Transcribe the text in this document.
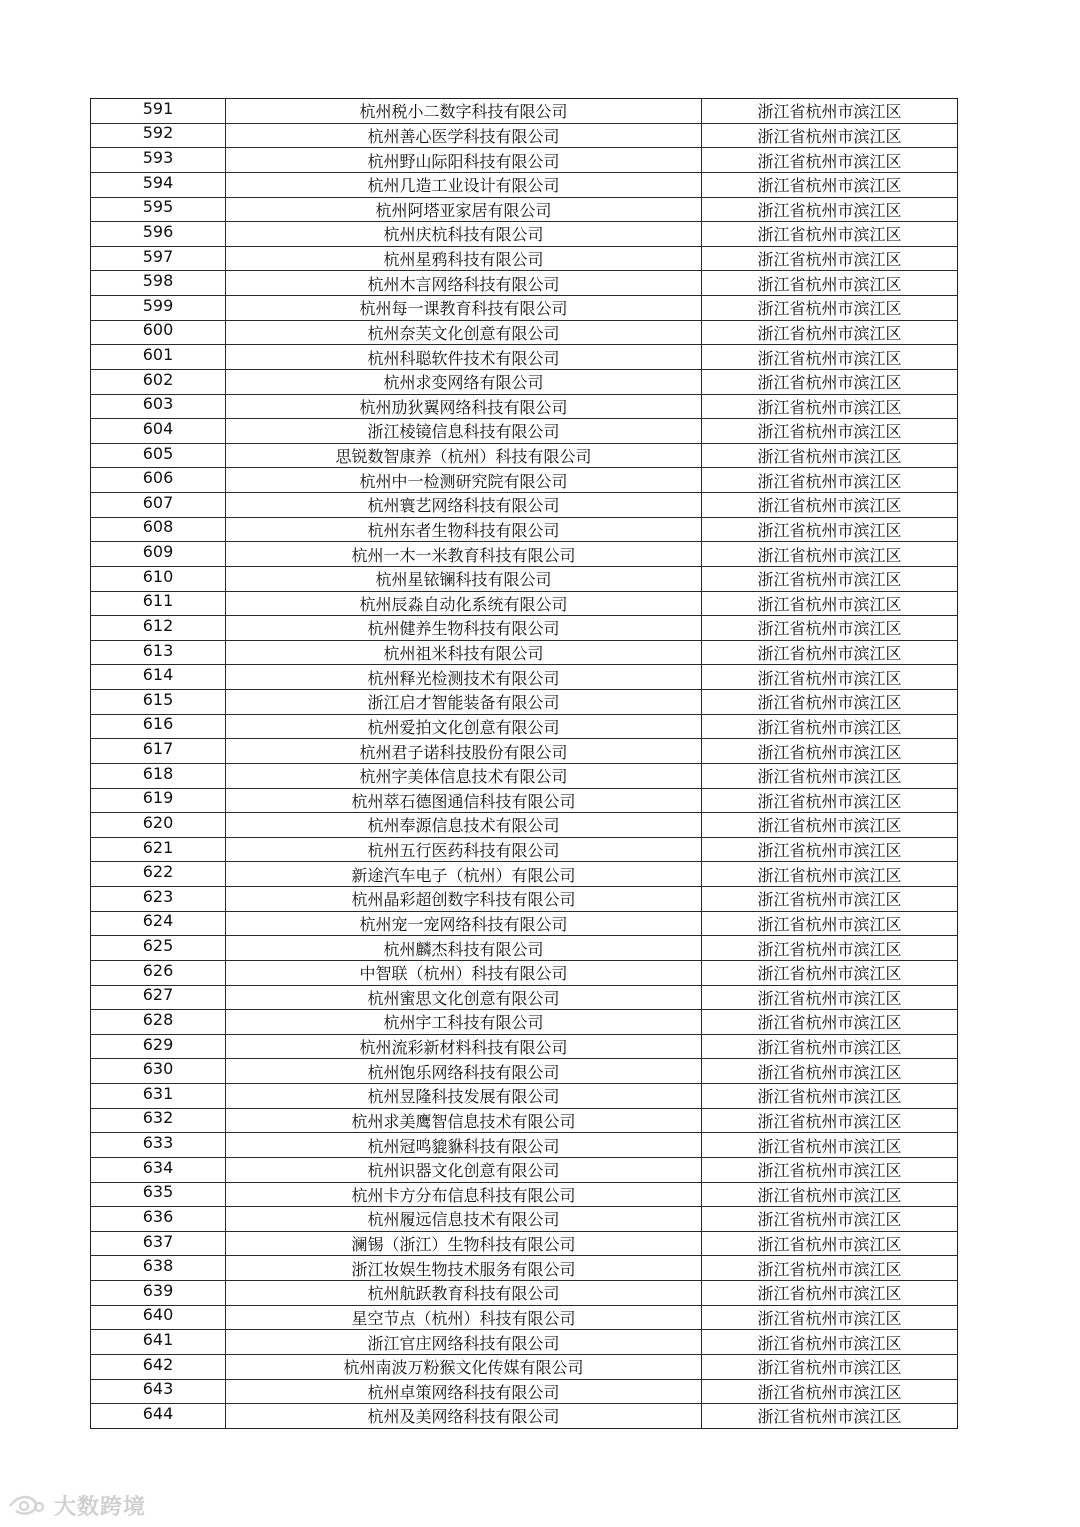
591	杭州税小二数字科技有限公司	浙江省杭州市滨江区
592	杭州善心医学科技有限公司	浙江省杭州市滨江区
593	杭州野山际阳科技有限公司	浙江省杭州市滨江区
594	杭州几造工业设计有限公司	浙江省杭州市滨江区
595	杭州阿塔亚家居有限公司	浙江省杭州市滨江区
596	杭州庆杭科技有限公司	浙江省杭州市滨江区
597	杭州星鸦科技有限公司	浙江省杭州市滨江区
598	杭州木言网络科技有限公司	浙江省杭州市滨江区
599	杭州每一课教育科技有限公司	浙江省杭州市滨江区
600	杭州奈芙文化创意有限公司	浙江省杭州市滨江区
601	杭州科聪软件技术有限公司	浙江省杭州市滨江区
602	杭州求变网络有限公司	浙江省杭州市滨江区
603	杭州劢狄翼网络科技有限公司	浙江省杭州市滨江区
604	浙江棱镜信息科技有限公司	浙江省杭州市滨江区
605	思锐数智康养（杭州）科技有限公司	浙江省杭州市滨江区
606	杭州中一检测研究院有限公司	浙江省杭州市滨江区
607	杭州寰艺网络科技有限公司	浙江省杭州市滨江区
608	杭州东者生物科技有限公司	浙江省杭州市滨江区
609	杭州一木一米教育科技有限公司	浙江省杭州市滨江区
610	杭州星铱镧科技有限公司	浙江省杭州市滨江区
611	杭州辰淼自动化系统有限公司	浙江省杭州市滨江区
612	杭州健养生物科技有限公司	浙江省杭州市滨江区
613	杭州祖米科技有限公司	浙江省杭州市滨江区
614	杭州释光检测技术有限公司	浙江省杭州市滨江区
615	浙江启才智能装备有限公司	浙江省杭州市滨江区
616	杭州爱拍文化创意有限公司	浙江省杭州市滨江区
617	杭州君子诺科技股份有限公司	浙江省杭州市滨江区
618	杭州字美体信息技术有限公司	浙江省杭州市滨江区
619	杭州萃石德图通信科技有限公司	浙江省杭州市滨江区
620	杭州奉源信息技术有限公司	浙江省杭州市滨江区
621	杭州五行医药科技有限公司	浙江省杭州市滨江区
622	新途汽车电子（杭州）有限公司	浙江省杭州市滨江区
623	杭州晶彩超创数字科技有限公司	浙江省杭州市滨江区
624	杭州宠一宠网络科技有限公司	浙江省杭州市滨江区
625	杭州麟杰科技有限公司	浙江省杭州市滨江区
626	中智联（杭州）科技有限公司	浙江省杭州市滨江区
627	杭州蜜思文化创意有限公司	浙江省杭州市滨江区
628	杭州宇工科技有限公司	浙江省杭州市滨江区
629	杭州流彩新材料科技有限公司	浙江省杭州市滨江区
630	杭州饱乐网络科技有限公司	浙江省杭州市滨江区
631	杭州昱隆科技发展有限公司	浙江省杭州市滨江区
632	杭州求美鹰智信息技术有限公司	浙江省杭州市滨江区
633	杭州冠鸣貔貅科技有限公司	浙江省杭州市滨江区
634	杭州识器文化创意有限公司	浙江省杭州市滨江区
635	杭州卡方分布信息科技有限公司	浙江省杭州市滨江区
636	杭州履远信息技术有限公司	浙江省杭州市滨江区
637	澜锡（浙江）生物科技有限公司	浙江省杭州市滨江区
638	浙江妆娱生物技术服务有限公司	浙江省杭州市滨江区
639	杭州航跃教育科技有限公司	浙江省杭州市滨江区
640	星空节点（杭州）科技有限公司	浙江省杭州市滨江区
641	浙江官庄网络科技有限公司	浙江省杭州市滨江区
642	杭州南波万粉猴文化传媒有限公司	浙江省杭州市滨江区
643	杭州卓策网络科技有限公司	浙江省杭州市滨江区
644	杭州及美网络科技有限公司	浙江省杭州市滨江区
大数跨境
